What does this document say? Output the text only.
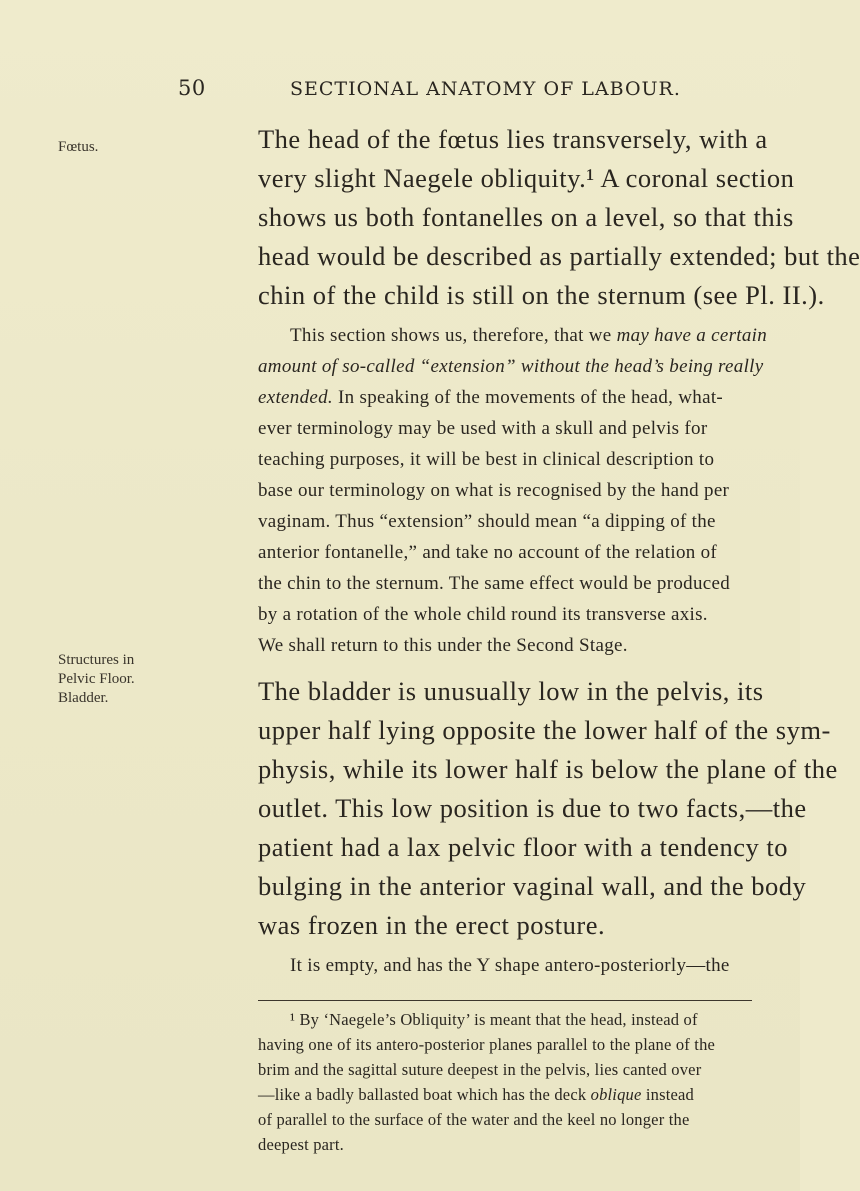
50	SECTIONAL ANATOMY OF LABOUR.
Fœtus.
Structures in
Pelvic Floor.
Bladder.
The head of the fœtus lies transversely, with a
very slight Naegele obliquity.¹ A coronal section
shows us both fontanelles on a level, so that this
head would be described as partially extended; but the
chin of the child is still on the sternum (see Pl. II.).
This section shows us, therefore, that we may have a certain
amount of so-called “extension” without the head’s being really
extended. In speaking of the movements of the head, what-
ever terminology may be used with a skull and pelvis for
teaching purposes, it will be best in clinical description to
base our terminology on what is recognised by the hand per
vaginam. Thus “extension” should mean “a dipping of the
anterior fontanelle,” and take no account of the relation of
the chin to the sternum. The same effect would be produced
by a rotation of the whole child round its transverse axis.
We shall return to this under the Second Stage.
The bladder is unusually low in the pelvis, its
upper half lying opposite the lower half of the sym-
physis, while its lower half is below the plane of the
outlet. This low position is due to two facts,—the
patient had a lax pelvic floor with a tendency to
bulging in the anterior vaginal wall, and the body
was frozen in the erect posture.
It is empty, and has the Y shape antero-posteriorly—the
¹ By ‘Naegele’s Obliquity’ is meant that the head, instead of
having one of its antero-posterior planes parallel to the plane of the
brim and the sagittal suture deepest in the pelvis, lies canted over
—like a badly ballasted boat which has the deck oblique instead
of parallel to the surface of the water and the keel no longer the
deepest part.
